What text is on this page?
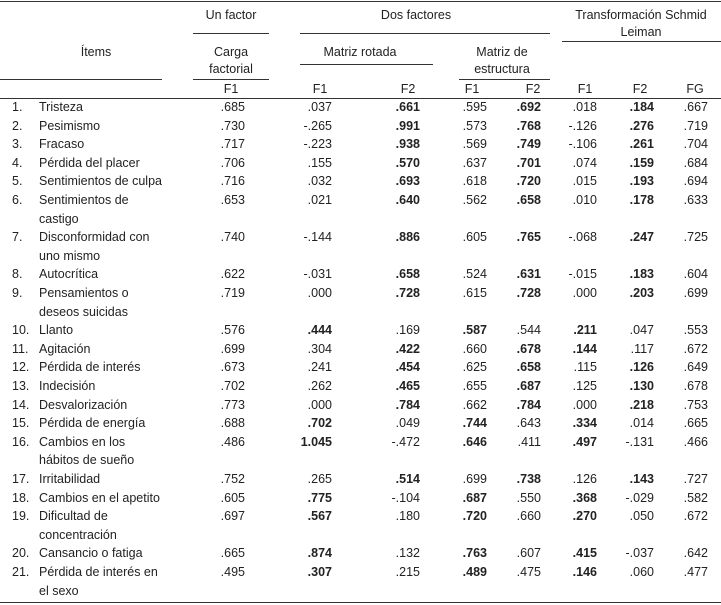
Un factor	Dos factores	Transformación Schmid
Leiman
Ítems	Carga
factorial
Matriz rotada	Matriz de
estructura
F1	F1	F2	F1	F2	F1	F2	FG
1. Tristeza	.685	.037	.661	.595 .692	.018	.184 .667
2. Pesimismo	.730	-.265	.991	.573 .768 -.126	.276 .719
3. Fracaso	.717	-.223	.938	.569 .749 -.106	.261 .704
4. Pérdida del placer	.706	.155	.570	.637 .701	.074	.159 .684
5. Sentimientos de culpa	.716	.032	.693	.618 .720	.015	.193 .694
6. Sentimientos de
castigo
.653	.021	.640	.562 .658	.010	.178 .633
7. Disconformidad con
uno mismo
.740	-.144	.886	.605 .765 -.068	.247 .725
8. Autocrítica	.622	-.031	.658	.524 .631 -.015	.183 .604
9. Pensamientos o
deseos suicidas
.719	.000	.728	.615 .728	.000	.203 .699
10. Llanto	.576	.444	.169	.587 .544	.211	.047 .553
11. Agitación	.699	.304	.422	.660 .678	.144	.117 .672
12. Pérdida de interés	.673	.241	.454	.625 .658	.115	.126 .649
13. Indecisión	.702	.262	.465	.655 .687	.125	.130 .678
14. Desvalorización	.773	.000	.784	.662 .784	.000	.218 .753
15. Pérdida de energía	.688	.702	.049	.744 .643	.334	.014 .665
16. Cambios en los
hábitos de sueño
.486	1.045	-.472	.646 .411	.497 -.131 .466
17. Irritabilidad	.752	.265	.514	.699 .738	.126	.143 .727
18. Cambios en el apetito	.605	.775	-.104	.687 .550	.368 -.029 .582
19. Dificultad de
concentración
.697	.567	.180	.720 .660	.270	.050 .672
20. Cansancio o fatiga	.665	.874	.132	.763 .607	.415 -.037 .642
21. Pérdida de interés en
el sexo
.495	.307	.215	.489 .475	.146	.060 .477
